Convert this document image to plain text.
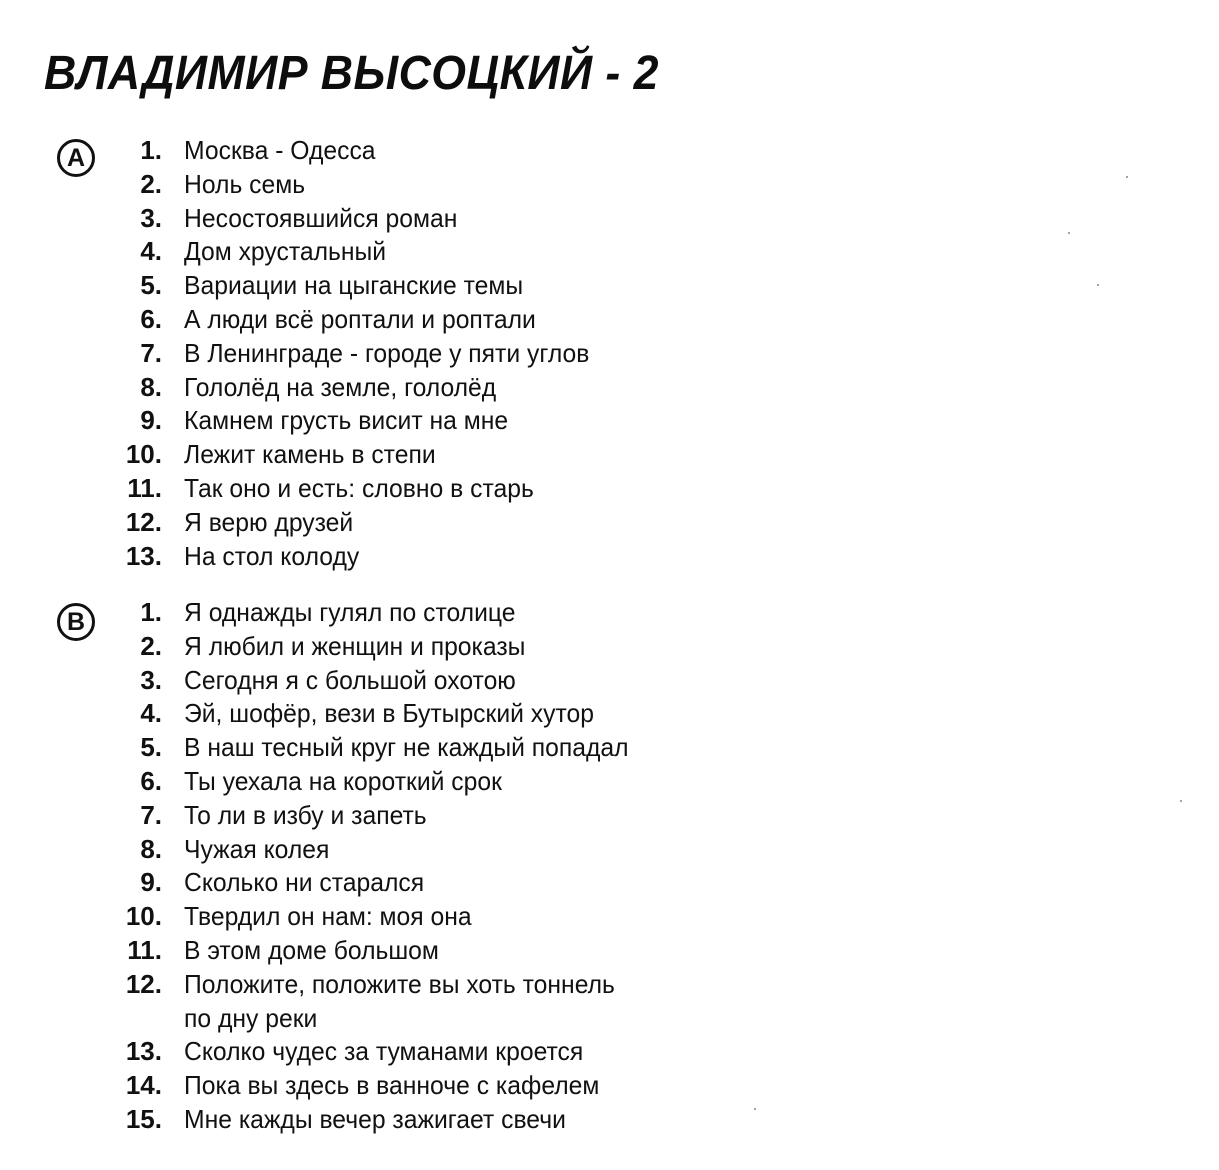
ВЛАДИМИР ВЫСОЦКИЙ - 2
A	1. Москва - Одесса
2. Ноль семь
3. Несостоявшийся роман
4. Дом хрустальный
5. Вариации на цыганские темы
6. А люди всё роптали и роптали
7. В Ленинграде - городе у пяти углов
8. Гололёд на земле, гололёд
9. Камнем грусть висит на мне
10. Лежит камень в степи
11. Так оно и есть: словно в старь
12. Я верю друзей
13. На стол колоду
B	1. Я однажды гулял по столице
2. Я любил и женщин и проказы
3. Сегодня я с большой охотою
4. Эй, шофёр, вези в Бутырский хутор
5. В наш тесный круг не каждый попадал
6. Ты уехала на короткий срок
7. То ли в избу и запеть
8. Чужая колея
9. Сколько ни старался
10. Твердил он нам: моя она
11. В этом доме большом
12. Положите, положите вы хоть тоннель
по дну реки
13. Сколко чудес за туманами кроется
14. Пока вы здесь в ванноче с кафелем
15. Мне кажды вечер зажигает свечи
